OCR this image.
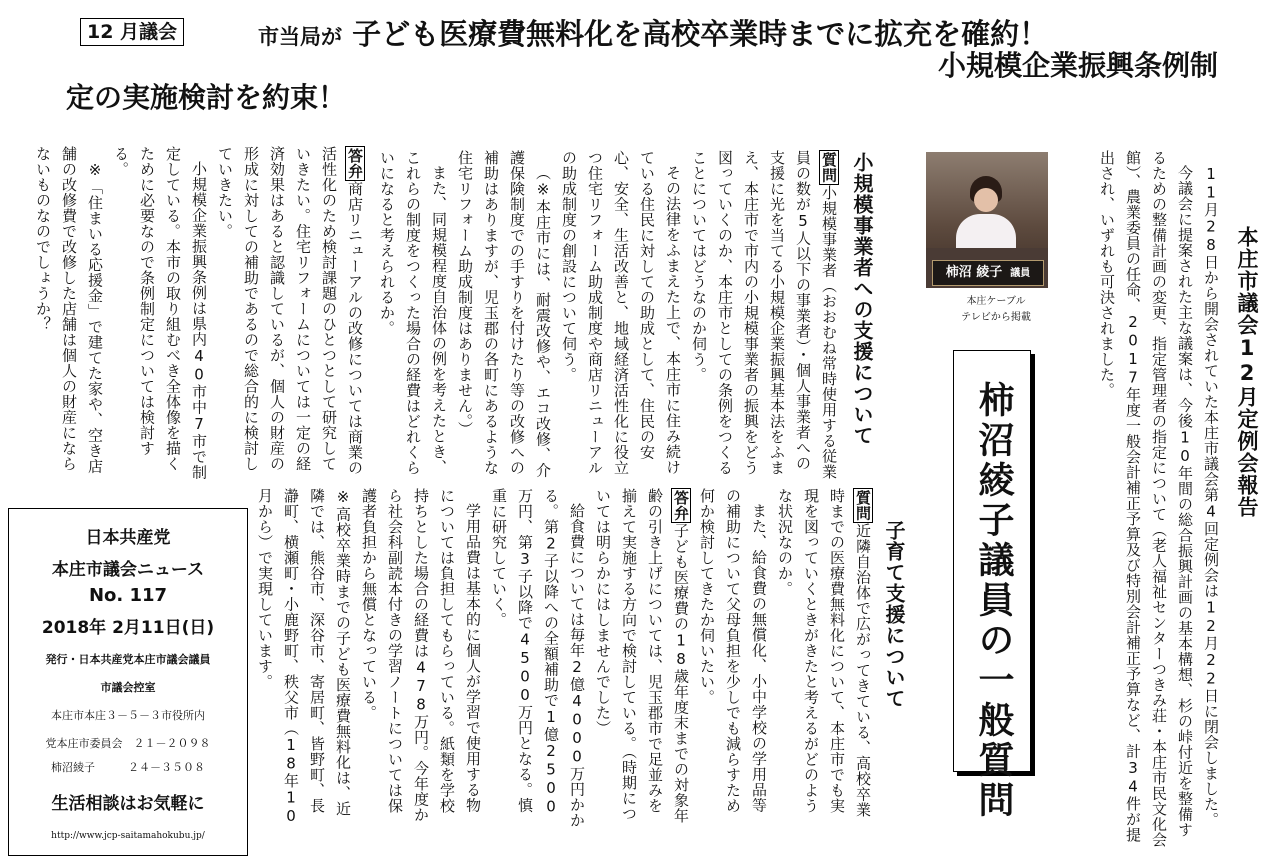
12 月議会	市当局が 子ども医療費無料化を高校卒業時までに拡充を確約！
小規模企業振興条例制
定の実施検討を約束！
本庄市議会12月定例会報告

11月28日から開会されていた本庄市議会第4回定例会は12月22日に閉会しました。

今議会に提案された主な議案は、今後10年間の総合振興計画の基本構想、杉の峠付近を整備するための整備計画の変更、指定管理者の指定について（老人福祉センターつきみ荘・本庄市民文化会館）、農業委員の任命、2017年度一般会計補正予算及び特別会計補正予算など、計34件が提出され、いずれも可決されました。

柿沼 綾子 議員
本庄ケーブル
テレビから掲載
柿沼綾子議員の一般質問
小規模事業者への支援について
子育て支援について

質問小規模事業者（おおむね常時使用する従業員の数が5人以下の事業者）・個人事業者への支援に光を当てる小規模企業振興基本法をふまえ、本庄市で市内の小規模事業者の振興をどう図っていくのか、本庄市としての条例をつくることについてはどうなのか伺う。

その法律をふまえた上で、本庄市に住み続けている住民に対しての助成として、住民の安心、安全、生活改善と、地域経済活性化に役立つ住宅リフォーム助成制度や商店リニューアルの助成制度の創設について伺う。

（※本庄市には、耐震改修や、エコ改修、介護保険制度での手すりを付けたり等の改修への補助はありますが、児玉郡の各町にあるような住宅リフォーム助成制度はありません。）

また、同規模程度自治体の例を考えたとき、これらの制度をつくった場合の経費はどれくらいになると考えられるか。

答弁商店リニューアルの改修については商業の活性化のため検討課題のひとつとして研究していきたい。住宅リフォームについては一定の経済効果はあると認識しているが、個人の財産の形成に対しての補助であるので総合的に検討していきたい。

小規模企業振興条例は県内40市中7市で制定している。本市の取り組むべき全体像を描くために必要なので条例制定については検討する。

※「住まいる応援金」で建てた家や、空き店舗の改修費で改修した店舗は個人の財産にならないものなのでしょうか？

質問近隣自治体で広がってきている、高校卒業時までの医療費無料化について、本庄市でも実現を図っていくときがきたと考えるがどのような状況なのか。

また、給食費の無償化、小中学校の学用品等の補助について父母負担を少しでも減らすため何か検討してきたか伺いたい。

答弁子ども医療費の18歳年度末までの対象年齢の引き上げについては、児玉郡市で足並みを揃えて実施する方向で検討している。（時期については明らかにはしませんでした）

給食費については毎年2億4000万円かかる。第2子以降への全額補助で1億2500万円、第3子以降で4500万円となる。慎重に研究していく。

学用品費は基本的に個人が学習で使用する物については負担してもらっている。紙類を学校持ちとした場合の経費は478万円。今年度から社会科副読本付きの学習ノートについては保護者負担から無償となっている。

※高校卒業時までの子ども医療費無料化は、近隣では、熊谷市、深谷市、寄居町、皆野町、長瀞町、横瀬町・小鹿野町、秩父市（18年10月から）で実現しています。

日本共産党
本庄市議会ニュース
No. 117
2018年 2月11日(日)
発行・日本共産党本庄市議会議員
市議会控室
本庄市本庄３－５－３市役所内
党本庄市委員会　２１－２０９８
柿沼綾子　　　２４－３５０８
生活相談はお気軽に
http://www.jcp-saitamahokubu.jp/
